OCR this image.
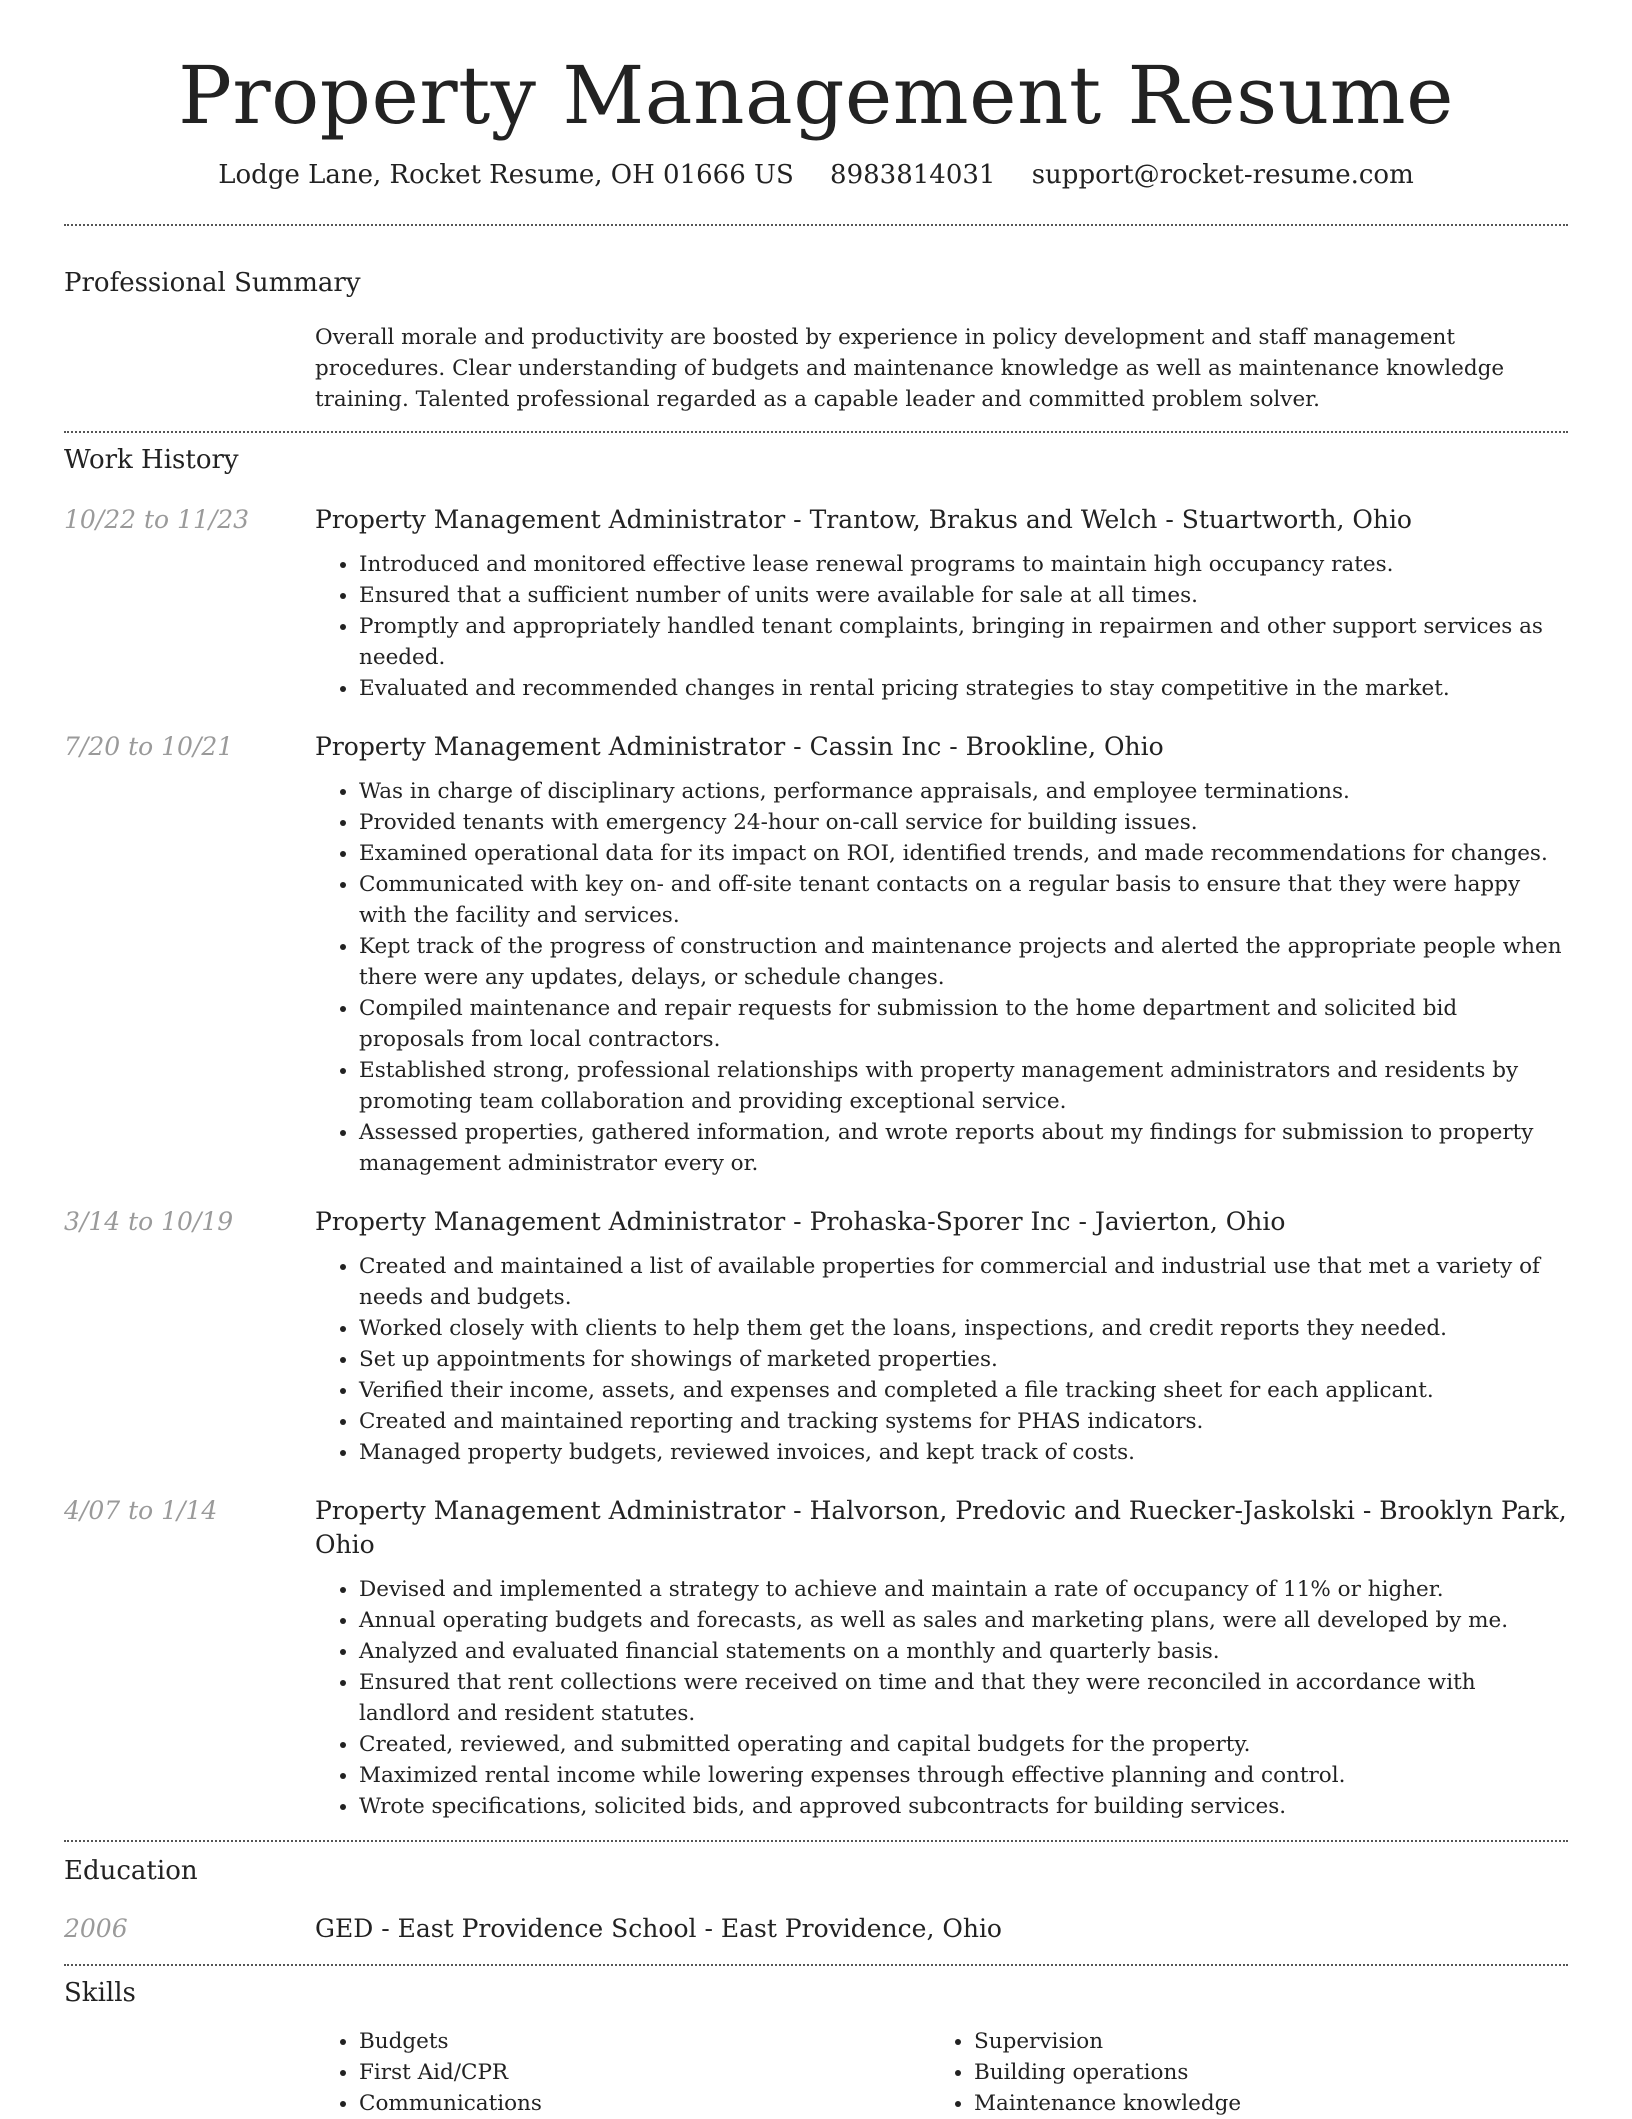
Property Management Resume
Lodge Lane, Rocket Resume, OH 01666 US 8983814031 support@rocket-resume.com
Professional Summary
Overall morale and productivity are boosted by experience in policy development and staff management procedures. Clear understanding of budgets and maintenance knowledge as well as maintenance knowledge training. Talented professional regarded as a capable leader and committed problem solver.
Work History
10/22 to 11/23	Property Management Administrator - Trantow, Brakus and Welch - Stuartworth, Ohio
• Introduced and monitored effective lease renewal programs to maintain high occupancy rates.
• Ensured that a sufficient number of units were available for sale at all times.
• Promptly and appropriately handled tenant complaints, bringing in repairmen and other support services as needed.
• Evaluated and recommended changes in rental pricing strategies to stay competitive in the market.
7/20 to 10/21	Property Management Administrator - Cassin Inc - Brookline, Ohio
• Was in charge of disciplinary actions, performance appraisals, and employee terminations.
• Provided tenants with emergency 24-hour on-call service for building issues.
• Examined operational data for its impact on ROI, identified trends, and made recommendations for changes.
• Communicated with key on- and off-site tenant contacts on a regular basis to ensure that they were happy with the facility and services.
• Kept track of the progress of construction and maintenance projects and alerted the appropriate people when there were any updates, delays, or schedule changes.
• Compiled maintenance and repair requests for submission to the home department and solicited bid proposals from local contractors.
• Established strong, professional relationships with property management administrators and residents by promoting team collaboration and providing exceptional service.
• Assessed properties, gathered information, and wrote reports about my findings for submission to property management administrator every or.
3/14 to 10/19	Property Management Administrator - Prohaska-Sporer Inc - Javierton, Ohio
• Created and maintained a list of available properties for commercial and industrial use that met a variety of needs and budgets.
• Worked closely with clients to help them get the loans, inspections, and credit reports they needed.
• Set up appointments for showings of marketed properties.
• Verified their income, assets, and expenses and completed a file tracking sheet for each applicant.
• Created and maintained reporting and tracking systems for PHAS indicators.
• Managed property budgets, reviewed invoices, and kept track of costs.
4/07 to 1/14	Property Management Administrator - Halvorson, Predovic and Ruecker-Jaskolski - Brooklyn Park, Ohio
• Devised and implemented a strategy to achieve and maintain a rate of occupancy of 11% or higher.
• Annual operating budgets and forecasts, as well as sales and marketing plans, were all developed by me.
• Analyzed and evaluated financial statements on a monthly and quarterly basis.
• Ensured that rent collections were received on time and that they were reconciled in accordance with landlord and resident statutes.
• Created, reviewed, and submitted operating and capital budgets for the property.
• Maximized rental income while lowering expenses through effective planning and control.
• Wrote specifications, solicited bids, and approved subcontracts for building services.
Education
2006	GED - East Providence School - East Providence, Ohio
Skills
• Budgets
• First Aid/CPR
• Communications
• Supervision
• Building operations
• Maintenance knowledge
